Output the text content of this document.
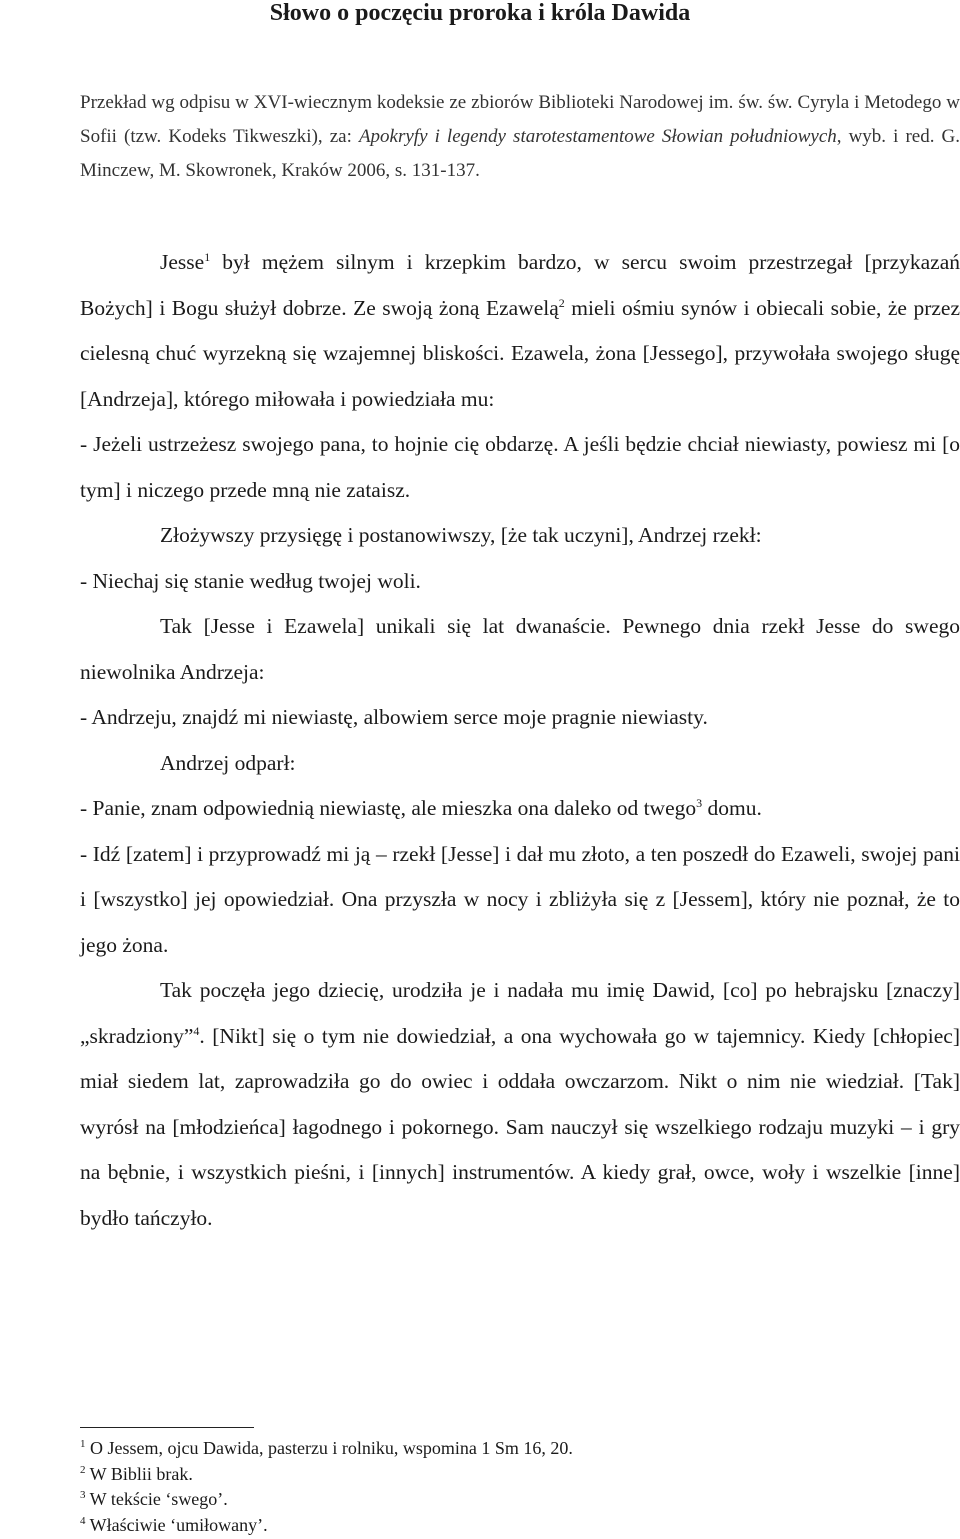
Słowo o poczęciu proroka i króla Dawida
Przekład wg odpisu w XVI-wiecznym kodeksie ze zbiorów Biblioteki Narodowej im. św. św. Cyryla i Metodego w Sofii (tzw. Kodeks Tikweszki), za: Apokryfy i legendy starotestamentowe Słowian południowych, wyb. i red. G. Minczew, M. Skowronek, Kraków 2006, s. 131-137.

Jesse$^1$ był mężem silnym i krzepkim bardzo, w sercu swoim przestrzegał [przykazań Bożych] i Bogu służył dobrze. Ze swoją żoną Ezawelą$^2$ mieli ośmiu synów i obiecali sobie, że przez cielesną chuć wyrzekną się wzajemnej bliskości. Ezawela, żona [Jessego], przywołała swojego sługę [Andrzeja], którego miłowała i powiedziała mu:

- Jeżeli ustrzeżesz swojego pana, to hojnie cię obdarzę. A jeśli będzie chciał niewiasty, powiesz mi [o tym] i niczego przede mną nie zataisz.

Złożywszy przysięgę i postanowiwszy, [że tak uczyni], Andrzej rzekł:

- Niechaj się stanie według twojej woli.

Tak [Jesse i Ezawela] unikali się lat dwanaście. Pewnego dnia rzekł Jesse do swego niewolnika Andrzeja:

- Andrzeju, znajdź mi niewiastę, albowiem serce moje pragnie niewiasty.

Andrzej odparł:

- Panie, znam odpowiednią niewiastę, ale mieszka ona daleko od twego$^3$ domu.

- Idź [zatem] i przyprowadź mi ją – rzekł [Jesse] i dał mu złoto, a ten poszedł do Ezaweli, swojej pani i [wszystko] jej opowiedział. Ona przyszła w nocy i zbliżyła się z [Jessem], który nie poznał, że to jego żona.

Tak poczęła jego dziecię, urodziła je i nadała mu imię Dawid, [co] po hebrajsku [znaczy] „skradziony”$^4$. [Nikt] się o tym nie dowiedział, a ona wychowała go w tajemnicy. Kiedy [chłopiec] miał siedem lat, zaprowadziła go do owiec i oddała owczarzom. Nikt o nim nie wiedział. [Tak] wyrósł na [młodzieńca] łagodnego i pokornego. Sam nauczył się wszelkiego rodzaju muzyki – i gry na bębnie, i wszystkich pieśni, i [innych] instrumentów. A kiedy grał, owce, woły i wszelkie [inne] bydło tańczyło.

$^1$ O Jessem, ojcu Dawida, pasterzu i rolniku, wspomina 1 Sm 16, 20.
$^2$ W Biblii brak.
$^3$ W tekście ‘swego’.
$^4$ Właściwie ‘umiłowany’.
